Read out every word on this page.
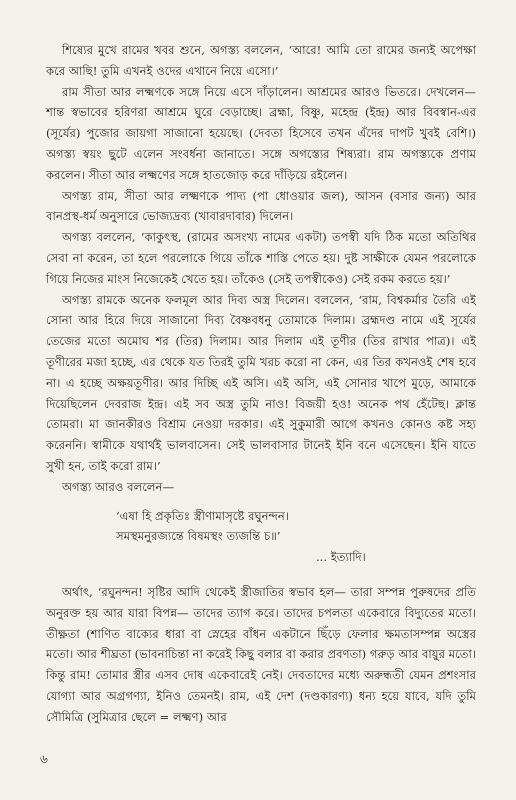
শিষ্যের মুখে রামের খবর শুনে, অগস্ত্য বললেন, ‘আরে! আমি তো রামের জন্যই অপেক্ষা করে আছি! তুমি এখনই ওদের এখানে নিয়ে এসো।’

রাম সীতা আর লক্ষ্মণকে সঙ্গে নিয়ে এসে দাঁড়ালেন। আশ্রমের আরও ভিতরে। দেখলেন— শান্ত স্বভাবের হরিণরা আশ্রমে ঘুরে বেড়াচ্ছে। ব্রহ্মা, বিষ্ণু, মহেন্দ্র (ইন্দ্র) আর বিবস্বান-এর (সূর্যের) পুজোর জায়গা সাজানো হয়েছে। (দেবতা হিসেবে তখন এঁদের দাপট খুবই বেশি।) অগস্ত্য স্বয়ং ছুটে এলেন সংবর্ধনা জানাতে। সঙ্গে অগস্ত্যের শিষ্যরা। রাম অগস্ত্যকে প্রণাম করলেন। সীতা আর লক্ষ্মণের সঙ্গে হাতজোড় করে দাঁড়িয়ে রইলেন।

অগস্ত্য রাম, সীতা আর লক্ষ্মণকে পাদ্য (পা ধোওয়ার জল), আসন (বসার জন্য) আর বানপ্রস্থ-ধর্ম অনুসারে ভোজ্যদ্রব্য (খাবারদাবার) দিলেন।

অগস্ত্য বললেন, ‘কাকুৎস্থ, (রামের অসংখ্য নামের একটা) তপস্বী যদি ঠিক মতো অতিথির সেবা না করেন, তা হলে পরলোকে গিয়ে তাঁকে শাস্তি পেতে হয়। দুষ্ট সাক্ষীকে যেমন পরলোকে গিয়ে নিজের মাংস নিজেকেই খেতে হয়। তাঁকেও (সেই তপস্বীকেও) সেই রকম করতে হয়।’

অগস্ত্য রামকে অনেক ফলমূল আর দিব্য অস্ত্র দিলেন। বললেন, ‘রাম, বিশ্বকর্মার তৈরি এই সোনা আর হিরে দিয়ে সাজানো দিব্য বৈষ্ণবধনু তোমাকে দিলাম। ব্রহ্মদণ্ড নামে এই সূর্যের তেজের মতো অমোঘ শর (তির) দিলাম। আর দিলাম এই তূণীর (তির রাখার পাত্র)। এই তূণীরের মজা হচ্ছে, এর থেকে যত তিরই তুমি খরচ করো না কেন, এর তির কখনওই শেষ হবে না। এ হচ্ছে অক্ষয়তূণীর। আর দিচ্ছি এই অসি। এই অসি, এই সোনার খাপে মুড়ে, আমাকে দিয়েছিলেন দেবরাজ ইন্দ্র। এই সব অস্ত্র তুমি নাও! বিজয়ী হও! অনেক পথ হেঁটেছ। ক্লান্ত তোমরা। মা জানকীরও বিশ্রাম নেওয়া দরকার। এই সুকুমারী আগে কখনও কোনও কষ্ট সহ্য করেননি। স্বামীকে যথার্থই ভালবাসেন। সেই ভালবাসার টানেই ইনি বনে এসেছেন। ইনি যাতে সুখী হন, তাই করো রাম।’

অগস্ত্য আরও বললেন—

‘এষা হি প্রকৃতিঃ স্ত্রীণামাসৃষ্টে রঘুনন্দন।
সমস্থমনুরজ্যন্তে বিষমস্থং ত্যজন্তি চ॥’
... ইত্যাদি।

অর্থাৎ, ‘রঘুনন্দন! সৃষ্টির আদি থেকেই স্ত্রীজাতির স্বভাব হল— তারা সম্পন্ন পুরুষদের প্রতি অনুরক্ত হয় আর যারা বিপন্ন— তাদের ত্যাগ করে। তাদের চপলতা একেবারে বিদ্যুতের মতো। তীক্ষ্ণতা (শাণিত বাক্যের ধারা বা স্নেহের বাঁধন একটানে ছিঁড়ে ফেলার ক্ষমতাসম্পন্ন অস্ত্রের মতো। আর শীঘ্রতা (ভাবনাচিন্তা না করেই কিছু বলার বা করার প্রবণতা) গরুড় আর বায়ুর মতো। কিন্তু রাম! তোমার স্ত্রীর এসব দোষ একেবারেই নেই। দেবতাদের মধ্যে অরুন্ধতী যেমন প্রশংসার যোগ্যা আর অগ্রগণ্যা, ইনিও তেমনই। রাম, এই দেশ (দণ্ডকারণ্য) ধন্য হয়ে যাবে, যদি তুমি সৌমিত্রি (সুমিত্রার ছেলে = লক্ষ্মণ) আর

৬
